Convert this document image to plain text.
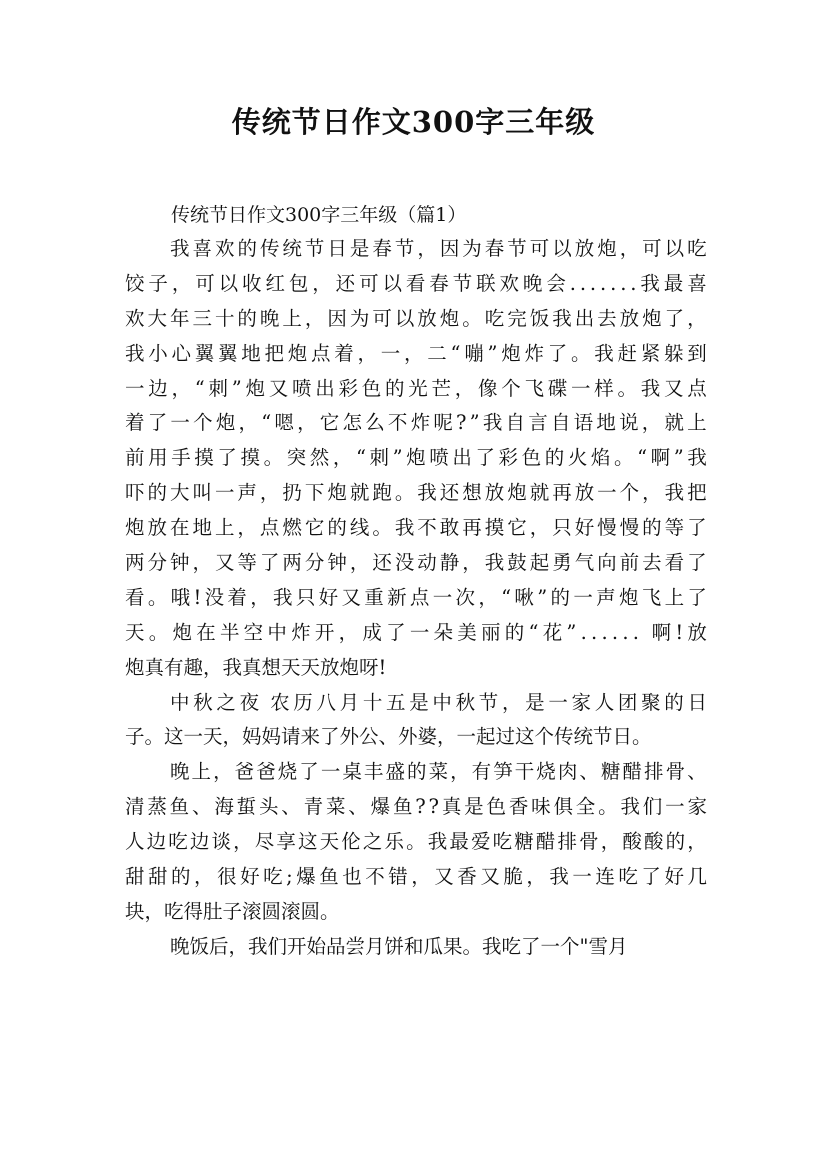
传统节日作文300字三年级
传统节日作文300字三年级（篇1）
我 喜 欢 的 传 统 节 日 是 春 节 ， 因 为 春 节 可 以 放 炮 ， 可 以 吃
饺 子 ， 可 以 收 红 包 ， 还 可 以 看 春 节 联 欢 晚 会 . . . . . . . 我 最 喜
欢 大 年 三 十 的 晚 上 ， 因 为 可 以 放 炮 。 吃 完 饭 我 出 去 放 炮 了 ，
我 小 心 翼 翼 地 把 炮 点 着 ， 一 ， 二 “ 嘣 ” 炮 炸 了 。 我 赶 紧 躲 到
一 边 ， “ 刺 ” 炮 又 喷 出 彩 色 的 光 芒 ， 像 个 飞 碟 一 样 。 我 又 点
着 了 一 个 炮 ， “ 嗯 ， 它 怎 么 不 炸 呢 ? ” 我 自 言 自 语 地 说 ， 就 上
前 用 手 摸 了 摸 。 突 然 ， “ 刺 ” 炮 喷 出 了 彩 色 的 火 焰 。 “ 啊 ” 我
吓 的 大 叫 一 声 ， 扔 下 炮 就 跑 。 我 还 想 放 炮 就 再 放 一 个 ， 我 把
炮 放 在 地 上 ， 点 燃 它 的 线 。 我 不 敢 再 摸 它 ， 只 好 慢 慢 的 等 了
两 分 钟 ， 又 等 了 两 分 钟 ， 还 没 动 静 ， 我 鼓 起 勇 气 向 前 去 看 了
看 。 哦 ! 没 着 ， 我 只 好 又 重 新 点 一 次 ， “ 啾 ” 的 一 声 炮 飞 上 了
天 。 炮 在 半 空 中 炸 开 ， 成 了 一 朵 美 丽 的 “ 花 ” . . . . . . 啊 ! 放
炮真有趣，我真想天天放炮呀!
中 秋 之 夜 农 历 八 月 十 五 是 中 秋 节 ， 是 一 家 人 团 聚 的 日
子。这一天，妈妈请来了外公、外婆，一起过这个传统节日。
晚 上 ， 爸 爸 烧 了 一 桌 丰 盛 的 菜 ， 有 笋 干 烧 肉 、 糖 醋 排 骨 、
清 蒸 鱼 、 海 蜇 头 、 青 菜 、 爆 鱼 ? ? 真 是 色 香 味 俱 全 。 我 们 一 家
人 边 吃 边 谈 ， 尽 享 这 天 伦 之 乐 。 我 最 爱 吃 糖 醋 排 骨 ， 酸 酸 的 ，
甜 甜 的 ， 很 好 吃 ; 爆 鱼 也 不 错 ， 又 香 又 脆 ， 我 一 连 吃 了 好 几
块，吃得肚子滚圆滚圆。
晚饭后，我们开始品尝月饼和瓜果。我吃了一个"雪月
